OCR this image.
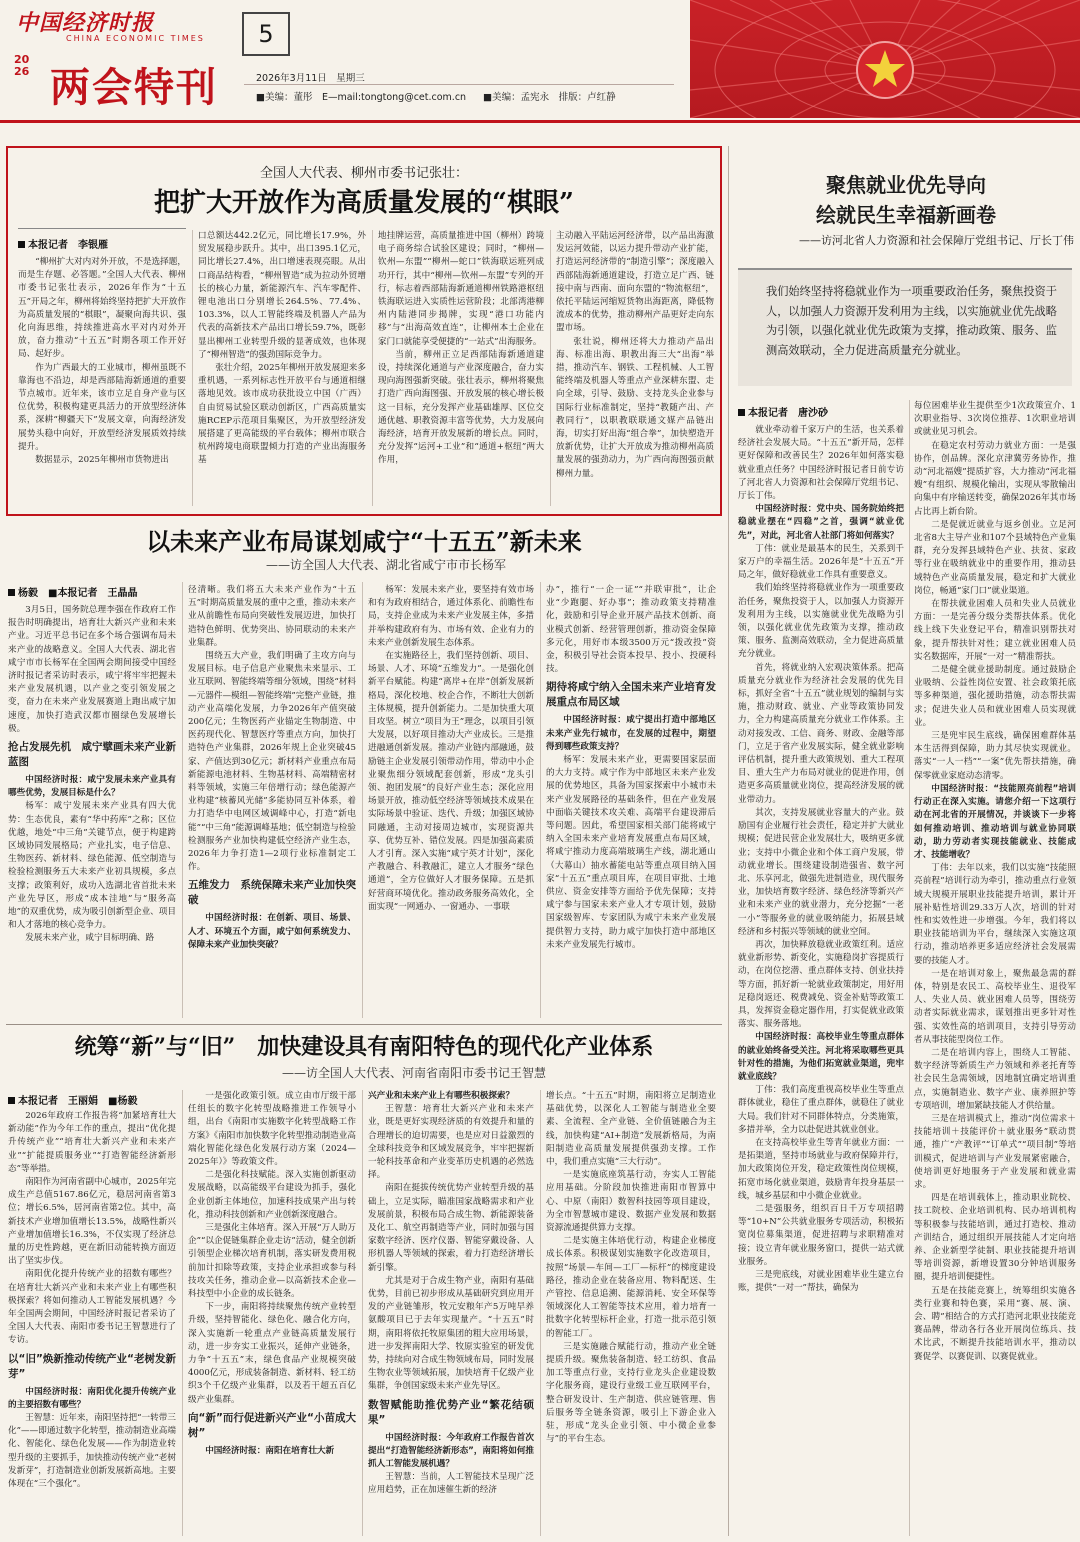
中国经济时报
CHINA ECONOMIC TIMES
2026 两会特刊
5
2026年3月11日　星期三
■美编：董彤　E—mail:tongtong@cet.com.cn ■美编：孟宪永　排版：卢红静
全国人大代表、柳州市委书记张壮：
把扩大开放作为高质量发展的“棋眼”
本报记者　李银雁

“柳州扩大对内对外开放，不是选择题，而是生存题、必答题。”全国人大代表、柳州市委书记张壮表示，2026年作为“十五五”开局之年，柳州将始终坚持把扩大开放作为高质量发展的“棋眼”，凝聚向海共识、强化向海思维，持续推进高水平对内对外开放，奋力推动“十五五”时期各项工作开好局、起好步。

作为广西最大的工业城市，柳州虽既不靠海也不沿边，却是西部陆海新通道的重要节点城市。近年来，该市立足自身产业与区位优势，积极构建更具活力的开放型经济体系，深耕“柳疆天下”发展文章，向海经济发展势头稳中向好，开放型经济发展质效持续提升。

数据显示，2025年柳州市货物进出

口总额达442.2亿元，同比增长17.9%，外贸发展稳步跃升。其中，出口395.1亿元，同比增长27.4%，出口增速表现亮眼。从出口商品结构看，“柳州智造”成为拉动外贸增长的核心力量，新能源汽车、汽车零配件、锂电池出口分别增长264.5%、77.4%、103.3%，以人工智能终端及机器人产品为代表的高新技术产品出口增长59.7%，既彰显出柳州工业转型升级的显著成效，也体现了“柳州智造”的强劲国际竞争力。

张壮介绍，2025年柳州开放发展迎来多重机遇，一系列标志性开放平台与通道相继落地见效。该市成功获批设立中国（广西）自由贸易试验区联动创新区，广西高质量实施RCEP示范项目集聚区，为开放型经济发展搭建了更高能级的平台载体；柳州市联合杭州跨境电商联盟倾力打造的产业出海服务基

地挂牌运营，高质量推进中国（柳州）跨境电子商务综合试验区建设；同时，“柳州—钦州—东盟”“柳州—蛇口”铁海联运班列成功开行，其中“柳州—钦州—东盟”专列的开行，标志着西部陆海新通道柳州铁路港枢纽铁海联运进入实质性运营阶段；北部湾港柳州内陆港同步揭牌，实现“港口功能内移”与“出海高效直连”，让柳州本土企业在家门口就能享受便捷的“一站式”出海服务。

当前，柳州正立足西部陆海新通道建设，持续深化通道与产业深度融合，奋力实现向海图强新突破。张壮表示，柳州将聚焦打造广西向海图强、开放发展的核心增长极这一目标，充分发挥产业基础雄厚、区位交通优越、职教资源丰富等优势，大力发展向海经济，培育开放发展新的增长点。同时，充分发挥“运河+工业”和“通道+枢纽”两大作用，

主动融入平陆运河经济带，以产品出海激发运河效能，以运力提升带动产业扩能，打造运河经济带的“制造引擎”；深度融入西部陆海新通道建设，打造立足广西、链接中南与西南、面向东盟的“物流枢纽”，依托平陆运河缩短货物出海距离，降低物流成本的优势，推动柳州产品更好走向东盟市场。

张壮说，柳州还将大力推动产品出海、标准出海、职教出海三大“出海”举措，推动汽车、钢铁、工程机械、人工智能终端及机器人等重点产业深耕东盟、走向全球，引导、鼓励、支持龙头企业参与国际行业标准制定，坚持“教随产出、产教同行”，以职教联联通文媒产品链出海，切实打好出海“组合拳”，加快塑造开放新优势，让扩大开放成为推动柳州高质量发展的强劲动力，为广西向海图强贡献柳州力量。

以未来产业布局谋划咸宁“十五五”新未来
——访全国人大代表、湖北省咸宁市市长杨军
杨毅　■本报记者　王晶晶

3月5日，国务院总理李强在作政府工作报告时明确提出，培育壮大新兴产业和未来产业。习近平总书记在多个场合强调布局未来产业的战略意义。全国人大代表、湖北省咸宁市市长杨军在全国两会期间接受中国经济时报记者采访时表示，咸宁将牢牢把握未来产业发展机遇，以产业之变引领发展之变，奋力在未来产业发展赛道上跑出咸宁加速度，加快打造武汉都市圈绿色发展增长极。

抢占发展先机　咸宁擘画未来产业新蓝图

中国经济时报：咸宁发展未来产业具有哪些优势，发展目标是什么？

杨军：咸宁发展未来产业具有四大优势：生态优良，素有“华中药库”之称；区位优越，地处“中三角”关键节点，便于构建跨区域协同发展格局；产业扎实，电子信息、生物医药、新材料、绿色能源、低空制造与检验检测服务五大未来产业初具规模，多点支撑；政策利好，成功入选湖北省首批未来产业先导区，形成“成本洼地”与“服务高地”的双重优势，成为吸引创新型企业、项目和人才落地的核心竞争力。

发展未来产业，咸宁目标明确、路

径清晰。我们将五大未来产业作为“十五五”时期高质量发展的重中之重，推动未来产业从前瞻性布局向突破性发展迈进，加快打造特色鲜明、优势突出、协同联动的未来产业集群。

围绕五大产业，我们明确了主攻方向与发展目标。电子信息产业聚焦未来显示、工业互联网、智能终端等细分领域，围绕“材料—元器件—模组—智能终端”完整产业链，推动产业高端化发展，力争2026年产值突破200亿元；生物医药产业锚定生物制造、中医药现代化、智慧医疗等重点方向，加快打造特色产业集群，2026年规上企业突破45家、产值达到30亿元；新材料产业重点布局新能源电池材料、生物基材料、高端精密材料等领域，实施三年倍增行动；绿色能源产业构建“核蓄风光储”多能协同互补体系，着力打造华中电网区域调峰中心，打造“新电能”“中三角”能源调峰基地；低空制造与检验检测服务产业加快构建低空经济产业生态，2026年力争打造1—2项行业标准制定工作。

五维发力　系统保障未来产业加快突破

中国经济时报：在创新、项目、场景、人才、环境五个方面，咸宁如何系统发力、保障未来产业加快突破？

杨军：发展未来产业，要坚持有效市场和有为政府相结合，通过体系化、前瞻性布局，支持企业成为未来产业发展主体，多措并举构建政府有为、市场有效、企业有力的未来产业创新发展生态体系。

在实施路径上，我们坚持创新、项目、场景、人才、环境“五维发力”。一是强化创新平台赋能。构建“离岸+在岸”创新发展新格局，深化校地、校企合作，不断壮大创新主体规模，提升创新能力。二是加快重大项目攻坚。树立“项目为王”理念，以项目引领大发展，以好项目推动大产业成长。三是推进融通创新发展。推动产业链内部融通，鼓励链主企业发展引领带动作用，带动中小企业聚焦细分领域配套创新，形成“龙头引领、抱团发展”的良好产业生态；深化应用场景开放，推动低空经济等领域技术成果在实际场景中验证、迭代、升级；加强区域协同融通，主动对接周边城市，实现资源共享、优势互补、错位发展。四是加强高素质人才引育。深入实施“咸宁英才计划”，深化产教融合、科教融汇，建立人才服务“绿色通道”，全方位做好人才服务保障。五是抓好营商环境优化。推动政务服务高效化，全面实现“一网通办、一窗通办、一事联

办”，推行“一企一证”“并联审批”，让企业“少跑腿、好办事”；推动政策支持精准化，鼓励和引导企业开展产品技术创新、商业模式创新、经营管理创新，推动资金保障多元化，用好市本级3500万元“拨改投”资金，积极引导社会资本投早、投小、投硬科技。

期待将咸宁纳入全国未来产业培育发展重点布局区域

中国经济时报：咸宁提出打造中部地区未来产业先行城市，在发展的过程中，期望得到哪些政策支持？

杨军：发展未来产业，更需要国家层面的大力支持。咸宁作为中部地区未来产业发展的优势地区，具备为国家探索中小城市未来产业发展路径的基础条件，但在产业发展中面临关键技术攻关难、高端平台建设滞后等问题。因此，希望国家相关部门能将咸宁纳入全国未来产业培育发展重点布局区域，将咸宁推动力度高端玻璃生产线，湖北通山（大幕山）抽水蓄能电站等重点项目纳入国家“十五五”重点项目库，在项目审批、土地供应、资金安排等方面给予优先保障；支持咸宁参与国家未来产业人才专项计划，鼓励国家级智库、专家团队为咸宁未来产业发展提供智力支持，助力咸宁加快打造中部地区未来产业发展先行城市。

统筹“新”与“旧”　加快建设具有南阳特色的现代化产业体系
——访全国人大代表、河南省南阳市委书记王智慧
本报记者　王丽娟　■杨毅

2026年政府工作报告将“加紧培育壮大新动能”作为今年工作的重点，提出“优化提升传统产业”“培育壮大新兴产业和未来产业”“扩能提质服务业”“打造智能经济新形态”等举措。

南阳作为河南省副中心城市，2025年完成生产总值5167.86亿元，稳居河南省第3位；增长6.5%，居河南省第2位。其中，高新技术产业增加值增长13.5%，战略性新兴产业增加值增长16.3%，不仅实现了经济总量的历史性跨越，更在新旧动能转换方面迈出了坚实步伐。

南阳优化提升传统产业的招数有哪些？在培育壮大新兴产业和未来产业上有哪些积极探索？将如何推动人工智能发展机遇？今年全国两会期间，中国经济时报记者采访了全国人大代表、南阳市委书记王智慧进行了专访。

以“旧”焕新推动传统产业“老树发新芽”

中国经济时报：南阳优化提升传统产业的主要招数有哪些？

王智慧：近年来，南阳坚持把“一转带三化”——即通过数字化转型，推动制造业高端化、智能化、绿色化发展——作为制造业转型升级的主要抓手，加快推动传统产业“老树发新芽”，打造制造业创新发展新高地。主要体现在“三个强化”。

一是强化政策引领。成立由市厅级干部任组长的数字化转型战略推进工作领导小组，出台《南阳市实施数字化转型战略工作方案》《南阳市加快数字化转型推动制造业高端化智能化绿色化发展行动方案（2024—2025年）》等政策文件。

二是强化科技赋能。深入实施创新驱动发展战略，以高能级平台建设为抓手，强化企业创新主体地位，加速科技成果产出与转化，推动科技创新和产业创新深度融合。

三是强化主体培育。深入开展“万人助万企”“以企促链集群企业走访”活动，健全创新引领型企业梯次培育机制，落实研发费用税前加计扣除等政策，支持企业承担或参与科技攻关任务，推动企业—以高新技术企业—科技型中小企业的成长链条。

下一步，南阳将持续聚焦传统产业转型升级，坚持智能化、绿色化、融合化方向，深入实施新一轮重点产业链高质量发展行动，进一步夯实工业振兴，延伸产业链条，力争“十五五”末，绿色食品产业规模突破4000亿元，形成装备制造、新材料、轻工纺织3个千亿级产业集群，以及若干超五百亿级产业集群。

向“新”而行促进新兴产业“小苗成大树”

中国经济时报：南阳在培育壮大新

兴产业和未来产业上有哪些积极探索？

王智慧：培育壮大新兴产业和未来产业，既是更好实现经济质的有效提升和量的合理增长的迫切需要，也是应对日益激烈的全球科技竞争和区域发展竞争，牢牢把握新一轮科技革命和产业变革历史机遇的必然选择。

南阳在挺拔传统优势产业转型升级的基础上，立足实际，瞄准国家战略需求和产业发展前景，积极布局合成生物、新能源装备及化工、航空再制造等产业，同时加强与国家数字经济、医疗仪器、智能穿戴设备、人形机器人等领域的探索，着力打造经济增长新引擎。

尤其是对于合成生物产业，南阳有基础优势，目前已初步形成从基础研究到应用开发的产业链雏形，牧元安粮年产5万吨早养氨酸项目已于去年实现量产。“十五五”时期，南阳将依托牧原集团的粗大应用场景，进一步发挥南阳大学、牧原实验室的研发优势，持续向对合成生物领域布局，同时发展生物农业等领域拓展，加快培育千亿级产业集群，争创国家级未来产业先导区。

数智赋能助推优势产业“繁花结硕果”

中国经济时报：今年政府工作报告首次提出“打造智能经济新形态”，南阳将如何推抓人工智能发展机遇？

王智慧：当前，人工智能技术呈现广泛应用趋势，正在加速催生新的经济

增长点。“十五五”时期，南阳将立足制造业基础优势，以深化人工智能与制造业全要素、全流程、全产业链、全价值链融合为主线，加快构建“AI+制造”发展新格局，为南阳制造业高质量发展提供强劲支撑。工作中，我们重点实施“三大行动”。

一是实施底座筑基行动，夯实人工智能应用基础。分阶段加快推进南阳市智算中心、中原（南阳）数智科技园等项目建设，为全市智慧城市建设、数据产业发展和数据资源流通提供算力支撑。

二是实施主体培优行动，构建企业梯度成长体系。积极谋划实施数字化改造项目，按照“场景—车间—工厂—标杆”的梯度建设路径，推动企业在装备应用、物料配送、生产管控、信息追溯、能源消耗、安全环保等领域深化人工智能等技术应用，着力培育一批数字化转型标杆企业，打造一批示范引领的智能工厂。

三是实施融合赋能行动，推动产业全链提质升级。聚焦装备制造、轻工纺织、食品加工等重点行业，支持行业龙头企业建设数字化服务商，建设行业级工业互联网平台，整合研发设计、生产制造、供应链管理、售后服务等全链条资源，吸引上下游企业入驻，形成“龙头企业引领、中小微企业参与”的平台生态。

聚焦就业优先导向
绘就民生幸福新画卷
——访河北省人力资源和社会保障厅党组书记、厅长丁伟
我们始终坚持将稳就业作为一项重要政治任务，聚焦投资于人，以加强人力资源开发利用为主线，以实施就业优先战略为引领，以强化就业优先政策为支撑，推动政策、服务、监测高效联动，全力促进高质量充分就业。
本报记者　唐沙砂

就业牵动着千家万户的生活，也关系着经济社会发展大局。“十五五”新开局，怎样更好保障和改善民生？2026年如何落实稳就业重点任务？中国经济时报记者日前专访了河北省人力资源和社会保障厅党组书记、厅长丁伟。

中国经济时报：党中央、国务院始终把稳就业摆在“四稳”之首，强调“就业优先”，对此，河北省人社部门将如何落实？

丁伟：就业是最基本的民生，关系到千家万户的幸福生活。2026年是“十五五”开局之年，做好稳就业工作具有重要意义。

我们始终坚持将稳就业作为一项重要政治任务，聚焦投资于人，以加强人力资源开发利用为主线，以实施就业优先战略为引领，以强化就业优先政策为支撑，推动政策、服务、监测高效联动，全力促进高质量充分就业。

首先，将就业纳入宏观决策体系。把高质量充分就业作为经济社会发展的优先目标，抓好全省“十五五”就业规划的编制与实施，推动财政、就业、产业等政策协同发力，全力构建高质量充分就业工作体系。主动对接发改、工信、商务、财政、金融等部门，立足于省产业发展实际，健全就业影响评估机制，提升重大政策规划、重大工程项目、重大生产力布局对就业的促进作用，创造更多高质量就业岗位，提高经济发展的就业带动力。

其次，支持发展就业容量大的产业。鼓励国有企业履行社会责任，稳定并扩大就业规模；促进民营企业发展壮大，吸纳更多就业；支持中小微企业和个体工商户发展，带动就业增长。围绕建设制造强省、数字河北、乐享河北，做强先进制造业，现代服务业，加快培育数字经济、绿色经济等新兴产业和未来产业的就业潜力，充分挖掘“一老一小”等服务业的就业吸纳能力，拓展县域经济和乡村振兴等领域的就业空间。

再次，加快释放稳就业政策红利。适应就业新形势、新变化，实施稳岗扩容提质行动，在岗位挖潜、重点群体支持、创业扶持等方面，抓好新一轮就业政策制定，用好用足稳岗返还、税费减免、资金补贴等政策工具，发挥资金稳定器作用，打实促就业政策落实、服务落地。

中国经济时报：高校毕业生等重点群体的就业始终备受关注。河北将采取哪些更具针对性的措施，为他们拓宽就业渠道，兜牢就业底线？

丁伟：我们高度重视高校毕业生等重点群体就业，稳住了重点群体，就稳住了就业大局。我们针对不同群体特点，分类施策，多措并举，全力以赴促进其就业创业。

在支持高校毕业生等青年就业方面：一是拓渠道，坚持市场就业与政府保障并行，加大政策岗位开发，稳定政策性岗位规模，拓宽市场化就业渠道，鼓励青年投身基层一线，城乡基层和中小微企业就业。

二是强服务，组织百日千万专项招聘等“10+N”公共就业服务专项活动，积极拓宽岗位募集渠道，促进招聘与求职精准对接；设立青年就业服务窗口，提供一站式就业服务。

三是兜底线，对就业困难毕业生建立台账，提供“一对一”帮扶，确保为

每位困难毕业生提供至少1次政策宣介、1次职业指导、3次岗位推荐、1次职业培训或就业见习机会。

在稳定农村劳动力就业方面：一是强协作，创品牌。深化京津冀劳务协作，推动“河北福嫂”提质扩容，大力推动“河北福嫂”有组织、规模化输出，实现从零散输出向集中有序输送转变，确保2026年其市场占比再上新台阶。

二是促就近就业与返乡创业。立足河北省8大主导产业和107个县域特色产业集群，充分发挥县域特色产业、扶贫、家政等行业在吸纳就业中的重要作用，推动县域特色产业高质量发展，稳定和扩大就业岗位，畅通“家门口”就业渠道。

在帮扶就业困难人员和失业人员就业方面：一是完善分级分类帮扶体系。优化线上线下失业登记平台，精准识别帮扶对象，提升帮扶针对性；建立就业困难人员实名数据库，开展“一对一”精准帮扶。

二是健全就业援助制度。通过鼓励企业吸纳、公益性岗位安置、社会政策托底等多种渠道，强化援助措施，动态帮扶需求；促进失业人员和就业困难人员实现就业。

三是兜牢民生底线，确保困难群体基本生活得到保障，助力其尽快实现就业。落实“一人一档”“一案”优先帮扶措施，确保零就业家庭动态清零。

中国经济时报：“技能照亮前程”培训行动正在深入实施。请您介绍一下这项行动在河北省的开展情况，并谈谈下一步将如何推动培训、推动培训与就业协同联动，助力劳动者实现技能就业、技能成才、技能增收？

丁伟：去年以来，我们以实施“技能照亮前程”培训行动为牵引，推动重点行业领域大规模开展职业技能提升培训，累计开展补贴性培训29.33万人次，培训的针对性和实效性进一步增强。今年，我们将以职业技能培训为平台，继续深入实施这项行动，推动培养更多适应经济社会发展需要的技能人才。

一是在培训对象上，聚焦最急需的群体，特别是农民工、高校毕业生、退役军人、失业人员、就业困难人员等，围绕劳动者实际就业需求，谋划推出更多针对性强、实效性高的培训项目，支持引导劳动者从事技能型岗位工作。

二是在培训内容上，围绕人工智能、数字经济等新质生产力领域和养老托育等社会民生急需领域，因地制宜确定培训重点，实施制造业、数字产业、康养照护等专项培训，增加紧缺技能人才供给量。

三是在培训模式上，推动“岗位需求＋技能培训＋技能评价＋就业服务”联动贯通，推广“产教评”“订单式”“项目制”等培训模式，促进培训与产业发展紧密融合，使培训更好地服务于产业发展和就业需求。

四是在培训载体上，推动职业院校、技工院校、企业培训机构、民办培训机构等积极参与技能培训，通过打造校、推动产训结合，通过组织开展技能人才定向培养、企业新型学徒制、职业技能提升培训等培训资源，新增设置30分钟培训服务圈，提升培训便捷性。

五是在技能竞赛上，统筹组织实施各类行业赛和特色赛，采用“赛、展、演、会、聘”相结合的方式打造河北职业技能竞赛品牌，带动各行各业开展岗位练兵、技术比武，不断提升技能培训水平，推动以赛促学、以赛促训、以赛促就业。
